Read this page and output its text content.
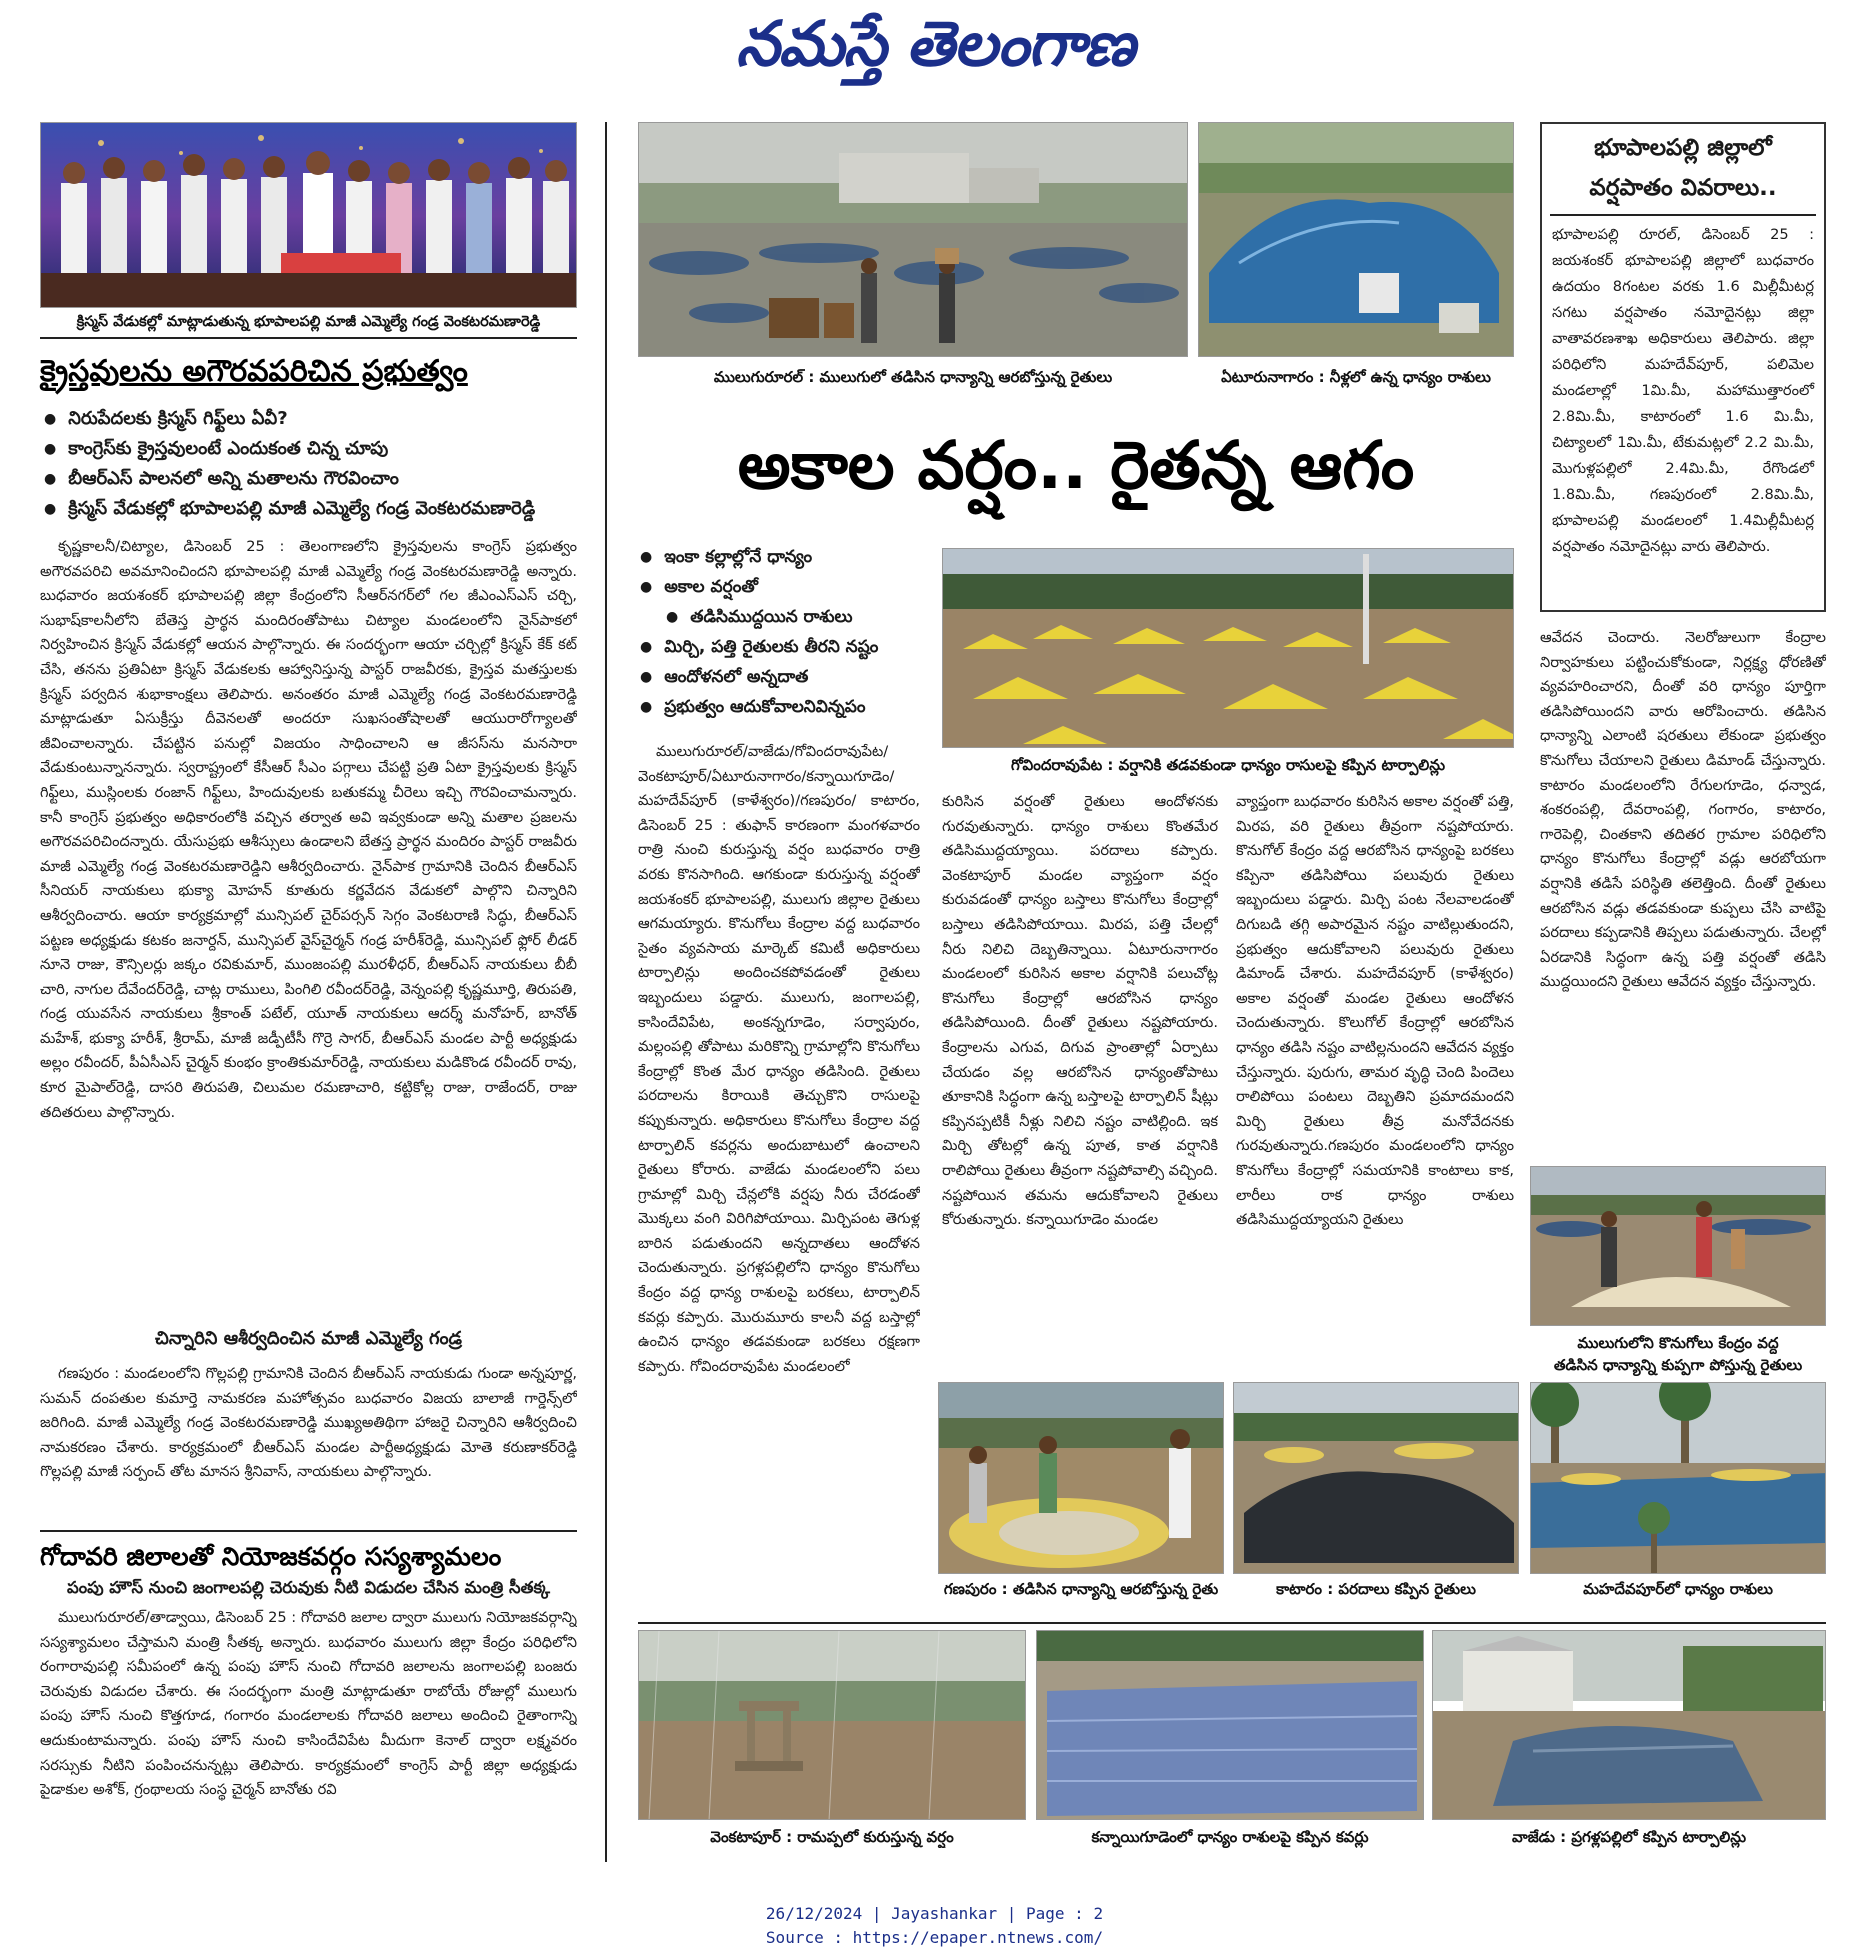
నమస్తే తెలంగాణ
క్రిస్మస్ వేడుకల్లో మాట్లాడుతున్న భూపాలపల్లి మాజీ ఎమ్మెల్యే గండ్ర వెంకటరమణారెడ్డి
క్రైస్తవులను అగౌరవపరిచిన ప్రభుత్వం
● నిరుపేదలకు క్రిస్మస్ గిఫ్ట్‌లు ఏవీ?
● కాంగ్రెస్‌కు క్రైస్తవులంటే ఎందుకంత చిన్న చూపు
● బీఆర్ఎస్ పాలనలో అన్ని మతాలను గౌరవించాం
● క్రిస్మస్ వేడుకల్లో భూపాలపల్లి మాజీ ఎమ్మెల్యే గండ్ర వెంకటరమణారెడ్డి

కృష్ణకాలనీ/చిట్యాల, డిసెంబర్ 25 : తెలంగాణలోని క్రైస్తవులను కాంగ్రెస్ ప్రభుత్వం అగౌరవపరిచి అవమానించిందని భూపాలపల్లి మాజీ ఎమ్మెల్యే గండ్ర వెంకటరమణారెడ్డి అన్నారు. బుధవారం జయశంకర్ భూపాలపల్లి జిల్లా కేంద్రంలోని సీఆర్‌నగర్‌లో గల జీఎంఎస్ఎస్ చర్చి, సుభాష్‌కాలనీలోని బేతెస్త ప్రార్థన మందిరంతోపాటు చిట్యాల మండలంలోని నైన్‌పాకలో నిర్వహించిన క్రిస్మస్ వేడుకల్లో ఆయన పాల్గొన్నారు. ఈ సందర్భంగా ఆయా చర్చిల్లో క్రిస్మస్ కేక్ కట్ చేసి, తనను ప్రతిఏటా క్రిస్మస్ వేడుకలకు ఆహ్వానిస్తున్న పాస్టర్ రాజవీరకు, క్రైస్తవ మతస్తులకు క్రిస్మస్ పర్వదిన శుభాకాంక్షలు తెలిపారు. అనంతరం మాజీ ఎమ్మెల్యే గండ్ర వెంకటరమణారెడ్డి మాట్లాడుతూ ఏసుక్రీస్తు దీవెనలతో అందరూ సుఖసంతోషాలతో ఆయురారోగ్యాలతో జీవించాలన్నారు. చేపట్టిన పనుల్లో విజయం సాధించాలని ఆ జీసస్‌ను మనసారా వేడుకుంటున్నానన్నారు. స్వరాష్ట్రంలో కేసీఆర్ సీఎం పగ్గాలు చేపట్టి ప్రతి ఏటా క్రైస్తవులకు క్రిస్మస్ గిఫ్ట్‌లు, ముస్లింలకు రంజాన్ గిఫ్ట్‌లు, హిందువులకు బతుకమ్మ చీరెలు ఇచ్చి గౌరవించామన్నారు. కానీ కాంగ్రెస్ ప్రభుత్వం అధికారంలోకి వచ్చిన తర్వాత అవి ఇవ్వకుండా అన్ని మతాల ప్రజలను అగౌరవపరిచిందన్నారు. యేసుప్రభు ఆశీస్సులు ఉండాలని బేతస్త ప్రార్థన మందిరం పాస్టర్ రాజవీరు మాజీ ఎమ్మెల్యే గండ్ర వెంకటరమణారెడ్డిని ఆశీర్వదించారు. నైన్‌పాక గ్రామానికి చెందిన బీఆర్ఎస్ సీనియర్ నాయకులు భుక్యా మోహన్ కూతురు కర్ణవేదన వేడుకలో పాల్గొని చిన్నారిని ఆశీర్వదించారు. ఆయా కార్యక్రమాల్లో మున్సిపల్ చైర్‌పర్సన్ సెగ్గం వెంకటరాణి సిద్ధు, బీఆర్ఎస్ పట్టణ అధ్యక్షుడు కటకం జనార్దన్, మున్సిపల్ వైస్‌చైర్మన్ గండ్ర హరీశ్‌రెడ్డి, మున్సిపల్ ఫ్లోర్ లీడర్ నూనె రాజు, కౌన్సిలర్లు జక్కం రవికుమార్, ముంజంపల్లి మురళీధర్, బీఆర్ఎస్ నాయకులు బీబీ చారి, నాగుల దేవేందర్‌రెడ్డి, చాట్ల రాములు, పింగిలి రవీందర్‌రెడ్డి, వెన్నంపల్లి కృష్ణమూర్తి, తిరుపతి, గండ్ర యువసేన నాయకులు శ్రీకాంత్ పటేల్, యూత్ నాయకులు ఆదర్శ్ మనోహర్, బానోత్ మహేశ్, భుక్యా హరీశ్, శ్రీరామ్, మాజీ జడ్పీటీసీ గొర్రె సాగర్, బీఆర్ఎస్ మండల పార్టీ అధ్యక్షుడు అల్లం రవీందర్, పీఏసీఎస్ చైర్మన్ కుంభం క్రాంతికుమార్‌రెడ్డి, నాయకులు మడికొండ రవీందర్ రావు, కూర మైపాల్‌రెడ్డి, దాసరి తిరుపతి, చిలుమల రమణాచారి, కట్టికోల్ల రాజు, రాజేందర్, రాజు తదితరులు పాల్గొన్నారు.

చిన్నారిని ఆశీర్వదించిన మాజీ ఎమ్మెల్యే గండ్ర

గణపురం : మండలంలోని గొల్లపల్లి గ్రామానికి చెందిన బీఆర్ఎస్ నాయకుడు గుండా అన్నపూర్ణ, సుమన్ దంపతుల కుమార్తె నామకరణ మహోత్సవం బుధవారం విజయ బాలాజీ గార్డెన్స్‌లో జరిగింది. మాజీ ఎమ్మెల్యే గండ్ర వెంకటరమణారెడ్డి ముఖ్యఅతిథిగా హాజరై చిన్నారిని ఆశీర్వదించి నామకరణం చేశారు. కార్యక్రమంలో బీఆర్ఎస్ మండల పార్టీఅధ్యక్షుడు మోతె కరుణాకర్‌రెడ్డి గొల్లపల్లి మాజీ సర్పంచ్ తోట మానస శ్రీనివాస్, నాయకులు పాల్గొన్నారు.

గోదావరి జిలాలతో నియోజకవర్గం సస్యశ్యామలం
పంపు హౌస్ నుంచి జంగాలపల్లి చెరువుకు నీటి విడుదల చేసిన మంత్రి సీతక్క

ములుగురూరల్/తాడ్వాయి, డిసెంబర్ 25 : గోదావరి జలాల ద్వారా ములుగు నియోజకవర్గాన్ని సస్యశ్యామలం చేస్తామని మంత్రి సీతక్క అన్నారు. బుధవారం ములుగు జిల్లా కేంద్రం పరిధిలోని రంగారావుపల్లి సమీపంలో ఉన్న పంపు హౌస్ నుంచి గోదావరి జలాలను జంగాలపల్లి బంజరు చెరువుకు విడుదల చేశారు. ఈ సందర్భంగా మంత్రి మాట్లాడుతూ రాబోయే రోజుల్లో ములుగు పంపు హౌస్ నుంచి కొత్తగూడ, గంగారం మండలాలకు గోదావరి జలాలు అందించి రైతాంగాన్ని ఆదుకుంటామన్నారు. పంపు హౌస్ నుంచి కాసిందేవిపేట మీదుగా కెనాల్ ద్వారా లక్ష్మవరం సరస్సుకు నీటిని పంపించనున్నట్లు తెలిపారు. కార్యక్రమంలో కాంగ్రెస్ పార్టీ జిల్లా అధ్యక్షుడు పైడాకుల అశోక్, గ్రంథాలయ సంస్థ చైర్మన్ బానోతు రవి

ములుగురూరల్ : ములుగులో తడిసిన ధాన్యాన్ని ఆరబోస్తున్న రైతులు	ఏటూరునాగారం : నీళ్లలో ఉన్న ధాన్యం రాశులు
అకాల వర్షం.. రైతన్న ఆగం
● ఇంకా కల్లాల్లోనే ధాన్యం
● అకాల వర్షంతో
● తడిసిముద్దయిన రాశులు
● మిర్చి, పత్తి రైతులకు తీరని నష్టం
● ఆందోళనలో అన్నదాత
● ప్రభుత్వం ఆదుకోవాలనివిన్నపం
గోవిందరావుపేట : వర్షానికి తడవకుండా ధాన్యం రాసులపై కప్పిన టార్పాలిన్లు

ములుగురూరల్/వాజేడు/గోవిందరావుపేట/ వెంకటాపూర్/ఏటూరునాగారం/కన్నాయిగూడెం/మహదేవ్‌పూర్ (కాళేశ్వరం)/గణపురం/ కాటారం, డిసెంబర్ 25 : తుఫాన్ కారణంగా మంగళవారం రాత్రి నుంచి కురుస్తున్న వర్షం బుధవారం రాత్రి వరకు కొనసాగింది. ఆగకుండా కురుస్తున్న వర్షంతో జయశంకర్ భూపాలపల్లి, ములుగు జిల్లాల రైతులు ఆగమయ్యారు. కొనుగోలు కేంద్రాల వద్ద బుధవారం సైతం వ్యవసాయ మార్కెట్ కమిటీ అధికారులు టార్పాలిన్లు అందించకపోవడంతో రైతులు ఇబ్బందులు పడ్డారు. ములుగు, జంగాలపల్లి, కాసిందేవిపేట, అంకన్నగూడెం, సర్వాపురం, మల్లంపల్లి తోపాటు మరికొన్ని గ్రామాల్లోని కొనుగోలు కేంద్రాల్లో కొంత మేర ధాన్యం తడిసింది. రైతులు పరదాలను కిరాయికి తెచ్చుకొని రాసులపై కప్పుకున్నారు. అధికారులు కొనుగోలు కేంద్రాల వద్ద టార్పాలిన్ కవర్లను అందుబాటులో ఉంచాలని రైతులు కోరారు. వాజేడు మండలంలోని పలు గ్రామాల్లో మిర్చి చేన్లలోకి వర్షపు నీరు చేరడంతో మొక్కలు వంగి విరిగిపోయాయి. మిర్చిపంట తెగుళ్ల బారిన పడుతుందని అన్నదాతలు ఆందోళన చెందుతున్నారు. ప్రగళ్లపల్లిలోని ధాన్యం కొనుగోలు కేంద్రం వద్ద ధాన్య రాశులపై బరకలు, టార్పాలిన్ కవర్లు కప్పారు. మొరుమూరు కాలనీ వద్ద బస్తాల్లో ఉంచిన ధాన్యం తడవకుండా బరకలు రక్షణగా కప్పారు. గోవిందరావుపేట మండలంలో

కురిసిన వర్షంతో రైతులు ఆందోళనకు గురవుతున్నారు. ధాన్యం రాశులు కొంతమేర తడిసిముద్దయ్యాయి. పరదాలు కప్పారు. వెంకటాపూర్ మండల వ్యాప్తంగా వర్షం కురువడంతో ధాన్యం బస్తాలు కొనుగోలు కేంద్రాల్లో బస్తాలు తడిసిపోయాయి. మిరప, పత్తి చేలల్లో నీరు నిలిచి దెబ్బతిన్నాయి. ఏటూరునాగారం మండలంలో కురిసిన అకాల వర్షానికి పలుచోట్ల కొనుగోలు కేంద్రాల్లో ఆరబోసిన ధాన్యం తడిసిపోయింది. దీంతో రైతులు నష్టపోయారు. కేంద్రాలను ఎగువ, దిగువ ప్రాంతాల్లో ఏర్పాటు చేయడం వల్ల ఆరబోసిన ధాన్యంతోపాటు తూకానికి సిద్ధంగా ఉన్న బస్తాలపై టార్పాలిన్ షీట్లు కప్పినప్పటికీ నీళ్లు నిలిచి నష్టం వాటిల్లింది. ఇక మిర్చి తోటల్లో ఉన్న పూత, కాత వర్షానికి రాలిపోయి రైతులు తీవ్రంగా నష్టపోవాల్సి వచ్చింది. నష్టపోయిన తమను ఆదుకోవాలని రైతులు కోరుతున్నారు. కన్నాయిగూడెం మండల

వ్యాప్తంగా బుధవారం కురిసిన అకాల వర్షంతో పత్తి, మిరప, వరి రైతులు తీవ్రంగా నష్టపోయారు. కొనుగోల్ కేంద్రం వద్ద ఆరబోసిన ధాన్యంపై బరకలు కప్పినా తడిసిపోయి పలువురు రైతులు ఇబ్బందులు పడ్డారు. మిర్చి పంట నేలవాలడంతో దిగుబడి తగ్గి అపారమైన నష్టం వాటిల్లుతుందని, ప్రభుత్వం ఆదుకోవాలని పలువురు రైతులు డిమాండ్ చేశారు. మహదేవపూర్ (కాళేశ్వరం) అకాల వర్షంతో మండల రైతులు ఆందోళన చెందుతున్నారు. కొలుగోల్ కేంద్రాల్లో ఆరబోసిన ధాన్యం తడిసి నష్టం వాటిల్లనుందని ఆవేదన వ్యక్తం చేస్తున్నారు. పురుగు, తామర వృద్ధి చెంది పిందెలు రాలిపోయి పంటలు దెబ్బతిని ప్రమాదమందని మిర్చి రైతులు తీవ్ర మనోవేదనకు గురవుతున్నారు.గణపురం మండలంలోని ధాన్యం కొనుగోలు కేంద్రాల్లో సమయానికి కాంటాలు కాక, లారీలు రాక ధాన్యం రాశులు తడిసిముద్దయ్యాయని రైతులు

గణపురం : తడిసిన ధాన్యాన్ని ఆరబోస్తున్న రైతు	కాటారం : పరదాలు కప్పిన రైతులు
వెంకటాపూర్ : రామప్పలో కురుస్తున్న వర్షం	కన్నాయిగూడెంలో ధాన్యం రాశులపై కప్పిన కవర్లు	వాజేడు : ప్రగళ్లపల్లిలో కప్పిన టార్పాలిన్లు
భూపాలపల్లి జిల్లాలో వర్షపాతం వివరాలు..
భూపాలపల్లి రూరల్, డిసెంబర్ 25 : జయశంకర్ భూపాలపల్లి జిల్లాలో బుధవారం ఉదయం 8గంటల వరకు 1.6 మిల్లీమీటర్ల సగటు వర్షపాతం నమోదైనట్లు జిల్లా వాతావరణశాఖ అధికారులు తెలిపారు. జిల్లా పరిధిలోని మహదేవ్‌పూర్, పలిమెల మండలాల్లో 1మి.మీ, మహాముత్తారంలో 2.8మి.మీ, కాటారంలో 1.6 మి.మీ, చిట్యాలలో 1మి.మీ, టేకుమట్లలో 2.2 మి.మీ, మొగుళ్లపల్లిలో 2.4మి.మీ, రేగొండలో 1.8మి.మీ, గణపురంలో 2.8మి.మీ, భూపాలపల్లి మండలంలో 1.4మిల్లీమీటర్ల వర్షపాతం నమోదైనట్లు వారు తెలిపారు.

ఆవేదన చెందారు. నెలరోజులుగా కేంద్రాల నిర్వాహకులు పట్టించుకోకుండా, నిర్లక్ష్య ధోరణితో వ్యవహరించారని, దీంతో వరి ధాన్యం పూర్తిగా తడిసిపోయిందని వారు ఆరోపించారు. తడిసిన ధాన్యాన్ని ఎలాంటి షరతులు లేకుండా ప్రభుత్వం కొనుగోలు చేయాలని రైతులు డిమాండ్ చేస్తున్నారు. కాటారం మండలంలోని రేగులగూడెం, ధన్వాడ, శంకరంపల్లి, దేవరాంపల్లి, గంగారం, కాటారం, గారెపెల్లి, చింతకాని తదితర గ్రామాల పరిధిలోని ధాన్యం కొనుగోలు కేంద్రాల్లో వడ్లు ఆరబోయగా వర్షానికి తడిసే పరిస్థితి తలెత్తింది. దీంతో రైతులు ఆరబోసిన వడ్లు తడవకుండా కుప్పలు చేసి వాటిపై పరదాలు కప్పడానికి తిప్పలు పడుతున్నారు. చేలల్లో ఏరడానికి సిద్ధంగా ఉన్న పత్తి వర్షంతో తడిసి ముద్దయిందని రైతులు ఆవేదన వ్యక్తం చేస్తున్నారు.

ములుగులోని కొనుగోలు కేంద్రం వద్ద
తడిసిన ధాన్యాన్ని కుప్పగా పోస్తున్న రైతులు
మహదేవపూర్‌లో ధాన్యం రాశులు
26/12/2024 | Jayashankar | Page : 2
Source : https://epaper.ntnews.com/
